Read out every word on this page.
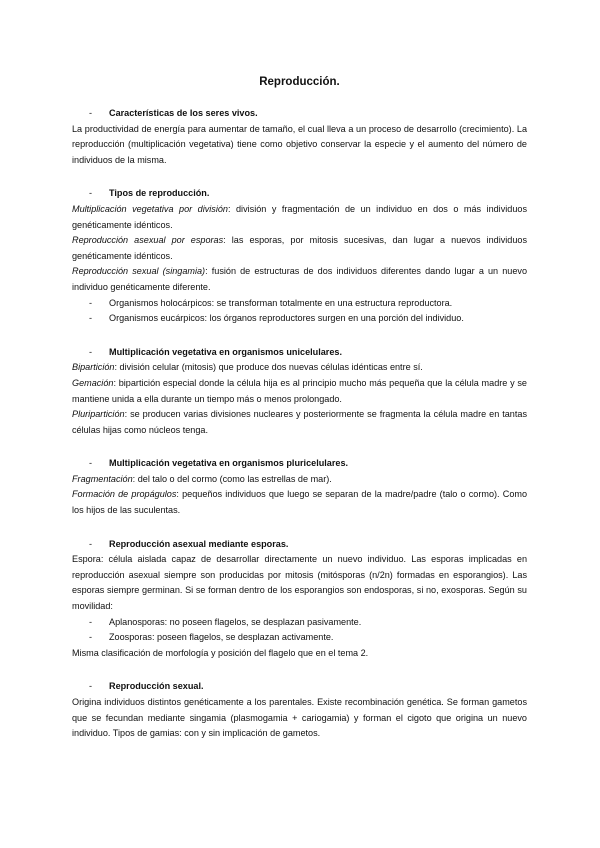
Reproducción.
- Características de los seres vivos.

La productividad de energía para aumentar de tamaño, el cual lleva a un proceso de desarrollo (crecimiento). La reproducción (multiplicación vegetativa) tiene como objetivo conservar la especie y el aumento del número de individuos de la misma.

- Tipos de reproducción.

Multiplicación vegetativa por división: división y fragmentación de un individuo en dos o más individuos genéticamente idénticos.

Reproducción asexual por esporas: las esporas, por mitosis sucesivas, dan lugar a nuevos individuos genéticamente idénticos.

Reproducción sexual (singamia): fusión de estructuras de dos individuos diferentes dando lugar a un nuevo individuo genéticamente diferente.

- Organismos holocárpicos: se transforman totalmente en una estructura reproductora.
- Organismos eucárpicos: los órganos reproductores surgen en una porción del individuo.
- Multiplicación vegetativa en organismos unicelulares.

Bipartición: división celular (mitosis) que produce dos nuevas células idénticas entre sí.

Gemación: bipartición especial donde la célula hija es al principio mucho más pequeña que la célula madre y se mantiene unida a ella durante un tiempo más o menos prolongado.

Pluripartición: se producen varias divisiones nucleares y posteriormente se fragmenta la célula madre en tantas células hijas como núcleos tenga.

- Multiplicación vegetativa en organismos pluricelulares.

Fragmentación: del talo o del cormo (como las estrellas de mar).

Formación de propágulos: pequeños individuos que luego se separan de la madre/padre (talo o cormo). Como los hijos de las suculentas.

- Reproducción asexual mediante esporas.

Espora: célula aislada capaz de desarrollar directamente un nuevo individuo. Las esporas implicadas en reproducción asexual siempre son producidas por mitosis (mitósporas (n/2n) formadas en esporangios). Las esporas siempre germinan. Si se forman dentro de los esporangios son endosporas, si no, exosporas. Según su movilidad:

- Aplanosporas: no poseen flagelos, se desplazan pasivamente.
- Zoosporas: poseen flagelos, se desplazan activamente.

Misma clasificación de morfología y posición del flagelo que en el tema 2.

- Reproducción sexual.

Origina individuos distintos genéticamente a los parentales. Existe recombinación genética. Se forman gametos que se fecundan mediante singamia (plasmogamia + cariogamia) y forman el cigoto que origina un nuevo individuo. Tipos de gamias: con y sin implicación de gametos.
